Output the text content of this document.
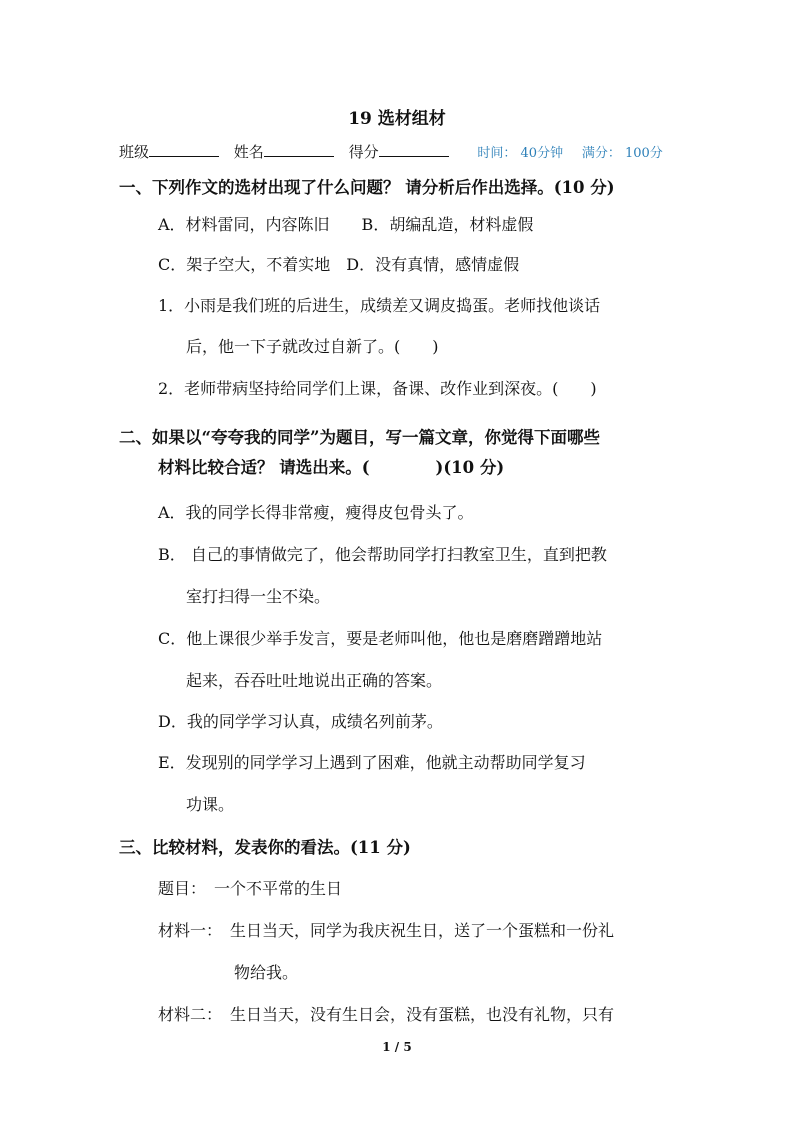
19 选材组材
班级	姓名	得分	时间： 40分钟 满分： 100分
一、下列作文的选材出现了什么问题？ 请分析后作出选择。(10 分)
A．材料雷同，内容陈旧　　B．胡编乱造，材料虚假
C．架子空大，不着实地　D．没有真情，感情虚假
1．小雨是我们班的后进生，成绩差又调皮捣蛋。老师找他谈话
后，他一下子就改过自新了。(　　)
2．老师带病坚持给同学们上课，备课、改作业到深夜。(　　)
二、如果以“夸夸我的同学”为题目，写一篇文章，你觉得下面哪些
材料比较合适？ 请选出来。(　　　　)(10 分)
A．我的同学长得非常瘦，瘦得皮包骨头了。
B． 自己的事情做完了，他会帮助同学打扫教室卫生，直到把教
室打扫得一尘不染。
C．他上课很少举手发言，要是老师叫他，他也是磨磨蹭蹭地站
起来，吞吞吐吐地说出正确的答案。
D．我的同学学习认真，成绩名列前茅。
E．发现别的同学学习上遇到了困难，他就主动帮助同学复习
功课。
三、比较材料，发表你的看法。(11 分)
题目：　一个不平常的生日
材料一：　生日当天，同学为我庆祝生日，送了一个蛋糕和一份礼
物给我。
材料二：　生日当天，没有生日会，没有蛋糕，也没有礼物，只有
1 / 5
